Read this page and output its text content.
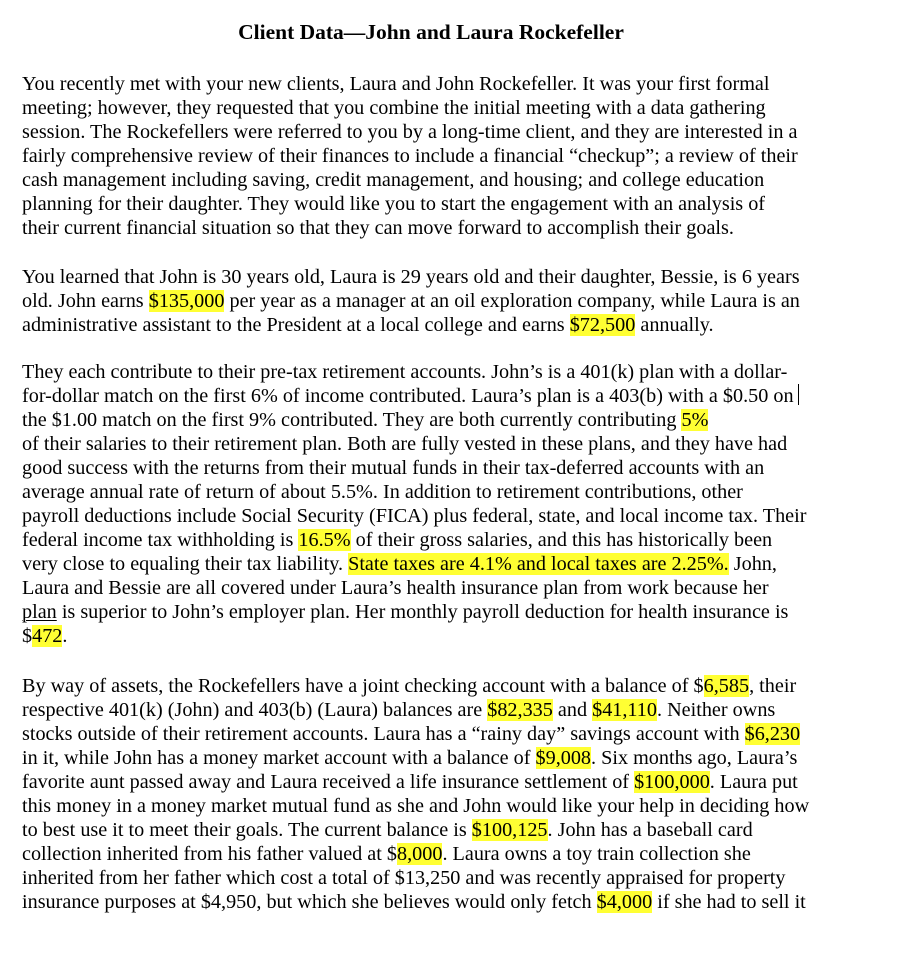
Client Data—John and Laura Rockefeller
You recently met with your new clients, Laura and John Rockefeller. It was your first formal
meeting; however, they requested that you combine the initial meeting with a data gathering
session. The Rockefellers were referred to you by a long-time client, and they are interested in a
fairly comprehensive review of their finances to include a financial “checkup”; a review of their
cash management including saving, credit management, and housing; and college education
planning for their daughter. They would like you to start the engagement with an analysis of
their current financial situation so that they can move forward to accomplish their goals.
You learned that John is 30 years old, Laura is 29 years old and their daughter, Bessie, is 6 years
old. John earns $135,000 per year as a manager at an oil exploration company, while Laura is an
administrative assistant to the President at a local college and earns $72,500 annually.
They each contribute to their pre-tax retirement accounts. John’s is a 401(k) plan with a dollar-
for-dollar match on the first 6% of income contributed. Laura’s plan is a 403(b) with a $0.50 on
the $1.00 match on the first 9% contributed. They are both currently contributing 5%
of their salaries to their retirement plan. Both are fully vested in these plans, and they have had
good success with the returns from their mutual funds in their tax-deferred accounts with an
average annual rate of return of about 5.5%. In addition to retirement contributions, other
payroll deductions include Social Security (FICA) plus federal, state, and local income tax. Their
federal income tax withholding is 16.5% of their gross salaries, and this has historically been
very close to equaling their tax liability. State taxes are 4.1% and local taxes are 2.25%. John,
Laura and Bessie are all covered under Laura’s health insurance plan from work because her
plan is superior to John’s employer plan. Her monthly payroll deduction for health insurance is
$472.
By way of assets, the Rockefellers have a joint checking account with a balance of $6,585, their
respective 401(k) (John) and 403(b) (Laura) balances are $82,335 and $41,110. Neither owns
stocks outside of their retirement accounts. Laura has a “rainy day” savings account with $6,230
in it, while John has a money market account with a balance of $9,008. Six months ago, Laura’s
favorite aunt passed away and Laura received a life insurance settlement of $100,000. Laura put
this money in a money market mutual fund as she and John would like your help in deciding how
to best use it to meet their goals. The current balance is $100,125. John has a baseball card
collection inherited from his father valued at $8,000. Laura owns a toy train collection she
inherited from her father which cost a total of $13,250 and was recently appraised for property
insurance purposes at $4,950, but which she believes would only fetch $4,000 if she had to sell it
